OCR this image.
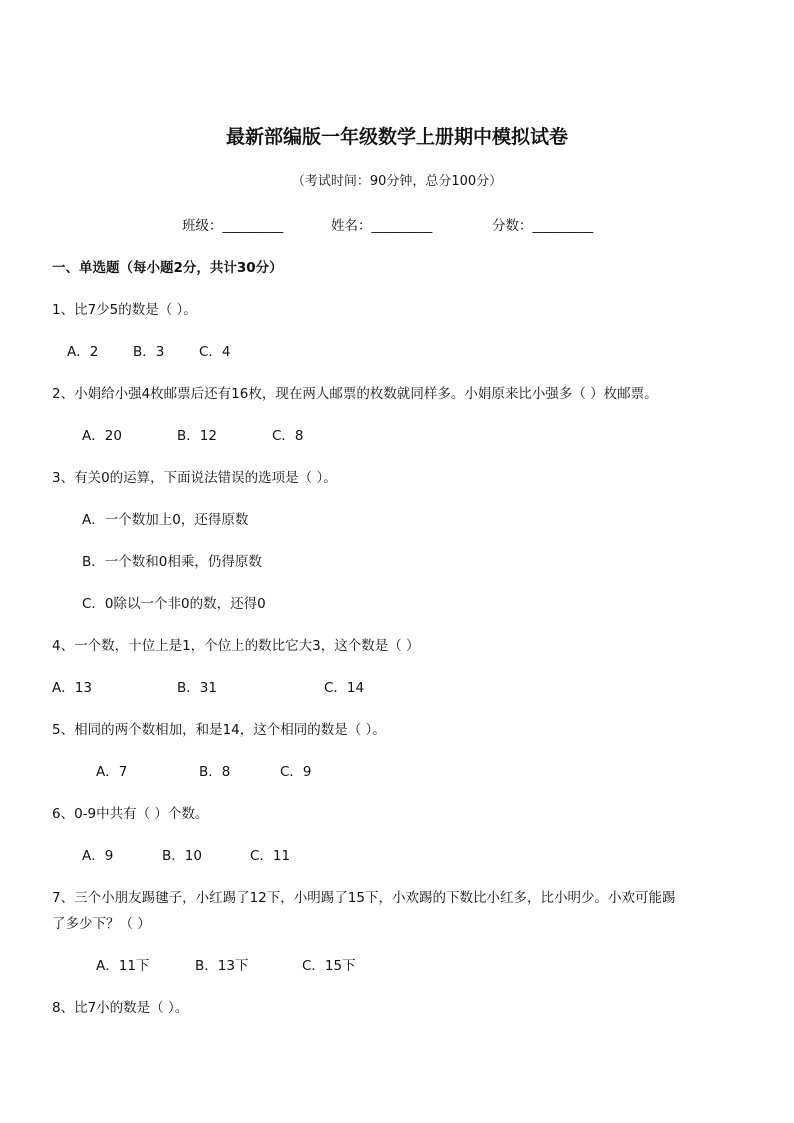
最新部编版一年级数学上册期中模拟试卷
（考试时间：90分钟，总分100分）
班级：_________	姓名：_________	分数：_________
一、单选题（每小题2分，共计30分）
1、比7少5的数是（ ）。
A．2	B．3	C．4
2、小娟给小强4枚邮票后还有16枚，现在两人邮票的枚数就同样多。小娟原来比小强多（ ）枚邮票。
A．20	B．12	C．8
3、有关0的运算，下面说法错误的选项是（ ）。
A．一个数加上0，还得原数
B．一个数和0相乘，仍得原数
C．0除以一个非0的数，还得0
4、一个数，十位上是1，个位上的数比它大3，这个数是（ ）
A．13	B．31	C．14
5、相同的两个数相加，和是14，这个相同的数是（ ）。
A．7	B．8	C．9
6、0-9中共有（ ）个数。
A．9	B．10	C．11
7、三个小朋友踢毽子，小红踢了12下，小明踢了15下，小欢踢的下数比小红多，比小明少。小欢可能踢
了多少下？（ ）
A．11下	B．13下	C．15下
8、比7小的数是（ ）。
